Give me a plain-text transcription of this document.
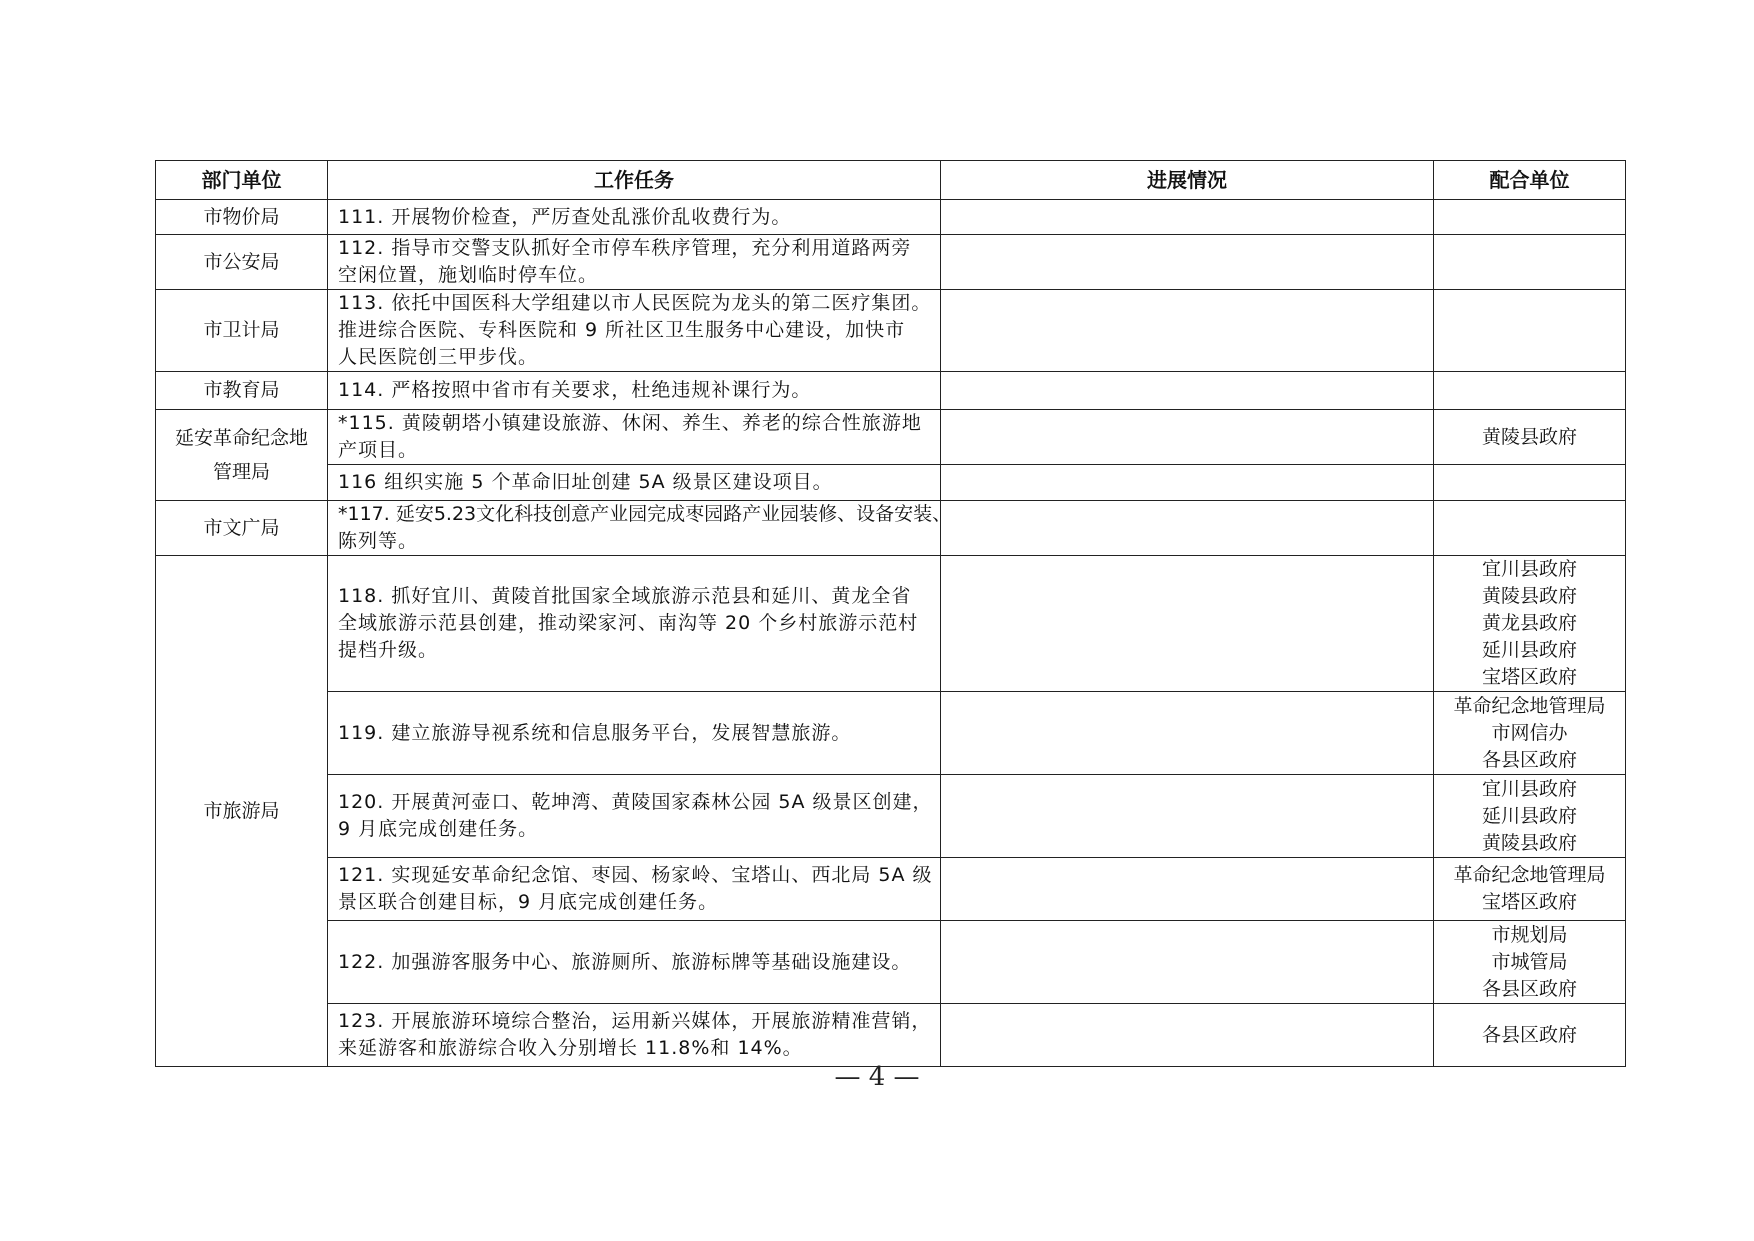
部门单位	工作任务	进展情况	配合单位
市物价局	111. 开展物价检查，严厉查处乱涨价乱收费行为。		

市公安局	112. 指导市交警支队抓好全市停车秩序管理，充分利用道路两旁
空闲位置，施划临时停车位。		

市卫计局	113. 依托中国医科大学组建以市人民医院为龙头的第二医疗集团。
推进综合医院、专科医院和 9 所社区卫生服务中心建设，加快市
人民医院创三甲步伐。		

市教育局	114. 严格按照中省市有关要求，杜绝违规补课行为。		

延安革命纪念地
管理局	*115. 黄陵朝塔小镇建设旅游、休闲、养生、养老的综合性旅游地
产项目。		黄陵县政府

	116 组织实施 5 个革命旧址创建 5A 级景区建设项目。		

市文广局	*117. 延安5.23文化科技创意产业园完成枣园路产业园装修、设备安装、
陈列等。		

市旅游局	118. 抓好宜川、黄陵首批国家全域旅游示范县和延川、黄龙全省
全域旅游示范县创建，推动梁家河、南沟等 20 个乡村旅游示范村
提档升级。		宜川县政府
黄陵县政府
黄龙县政府
延川县政府
宝塔区政府

	119. 建立旅游导视系统和信息服务平台，发展智慧旅游。		革命纪念地管理局
市网信办
各县区政府

	120. 开展黄河壶口、乾坤湾、黄陵国家森林公园 5A 级景区创建，
9 月底完成创建任务。		宜川县政府
延川县政府
黄陵县政府

	121. 实现延安革命纪念馆、枣园、杨家岭、宝塔山、西北局 5A 级
景区联合创建目标，9 月底完成创建任务。		革命纪念地管理局
宝塔区政府

	122. 加强游客服务中心、旅游厕所、旅游标牌等基础设施建设。		市规划局
市城管局
各县区政府

	123. 开展旅游环境综合整治，运用新兴媒体，开展旅游精准营销，
来延游客和旅游综合收入分别增长 11.8%和 14%。		各县区政府
— 4 —
